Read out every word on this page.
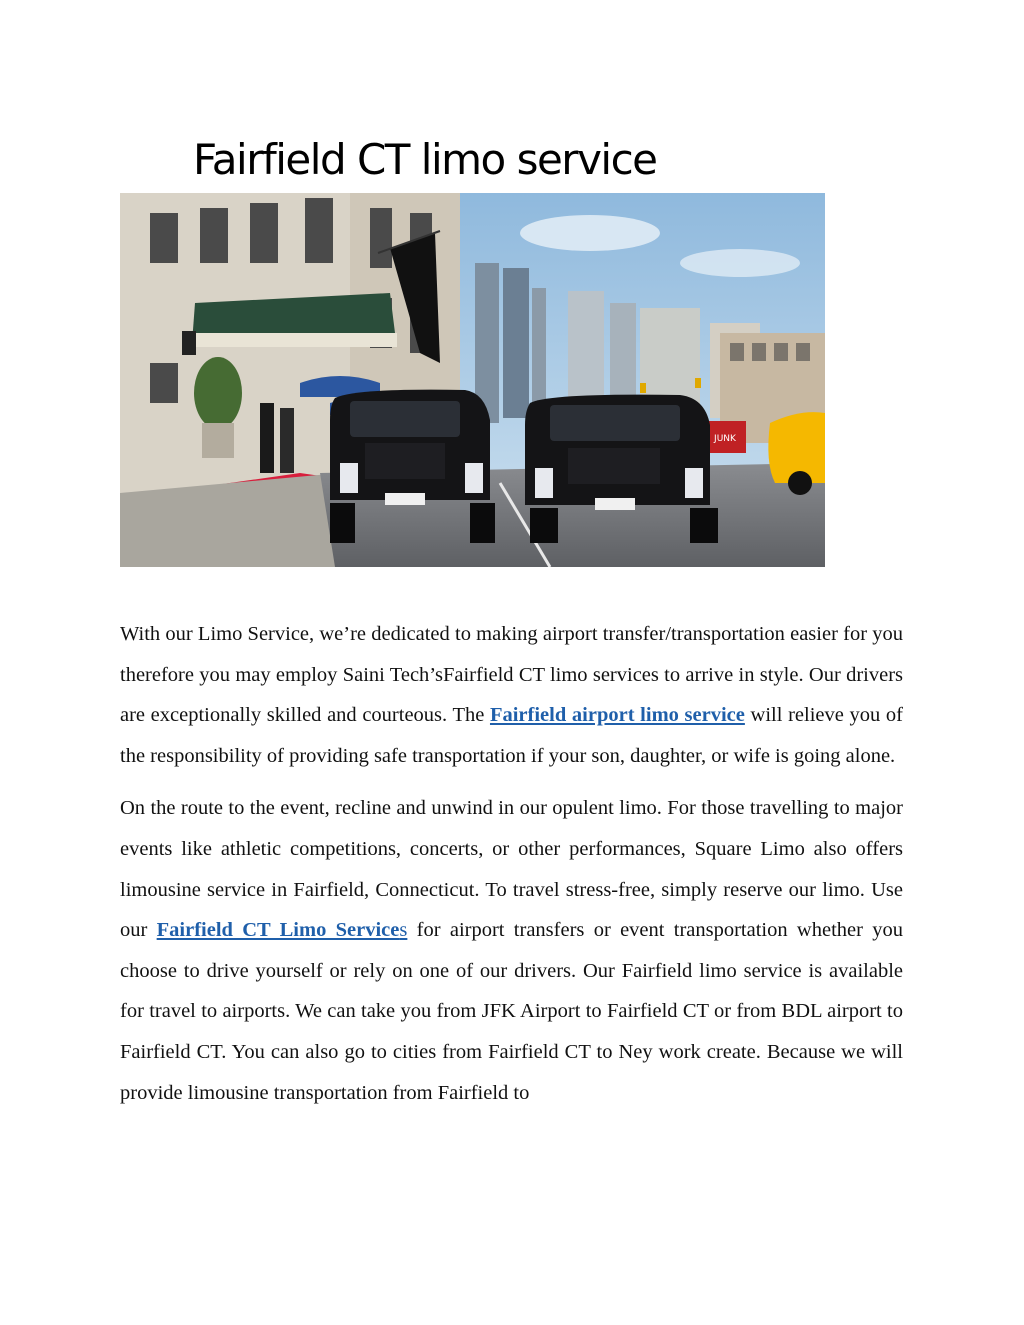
Fairfield CT limo service
JUNK

With our Limo Service, we’re dedicated to making airport transfer/transportation easier for you therefore you may employ Saini Tech’sFairfield CT limo services to arrive in style. Our drivers are exceptionally skilled and courteous. The Fairfield airport limo service will relieve you of the responsibility of providing safe transportation if your son, daughter, or wife is going alone.

On the route to the event, recline and unwind in our opulent limo. For those travelling to major events like athletic competitions, concerts, or other performances, Square Limo also offers limousine service in Fairfield, Connecticut. To travel stress-free, simply reserve our limo. Use our Fairfield CT Limo Services for airport transfers or event transportation whether you choose to drive yourself or rely on one of our drivers. Our Fairfield limo service is available for travel to airports. We can take you from JFK Airport to Fairfield CT or from BDL airport to Fairfield CT. You can also go to cities from Fairfield CT to Ney work create. Because we will provide limousine transportation from Fairfield to
